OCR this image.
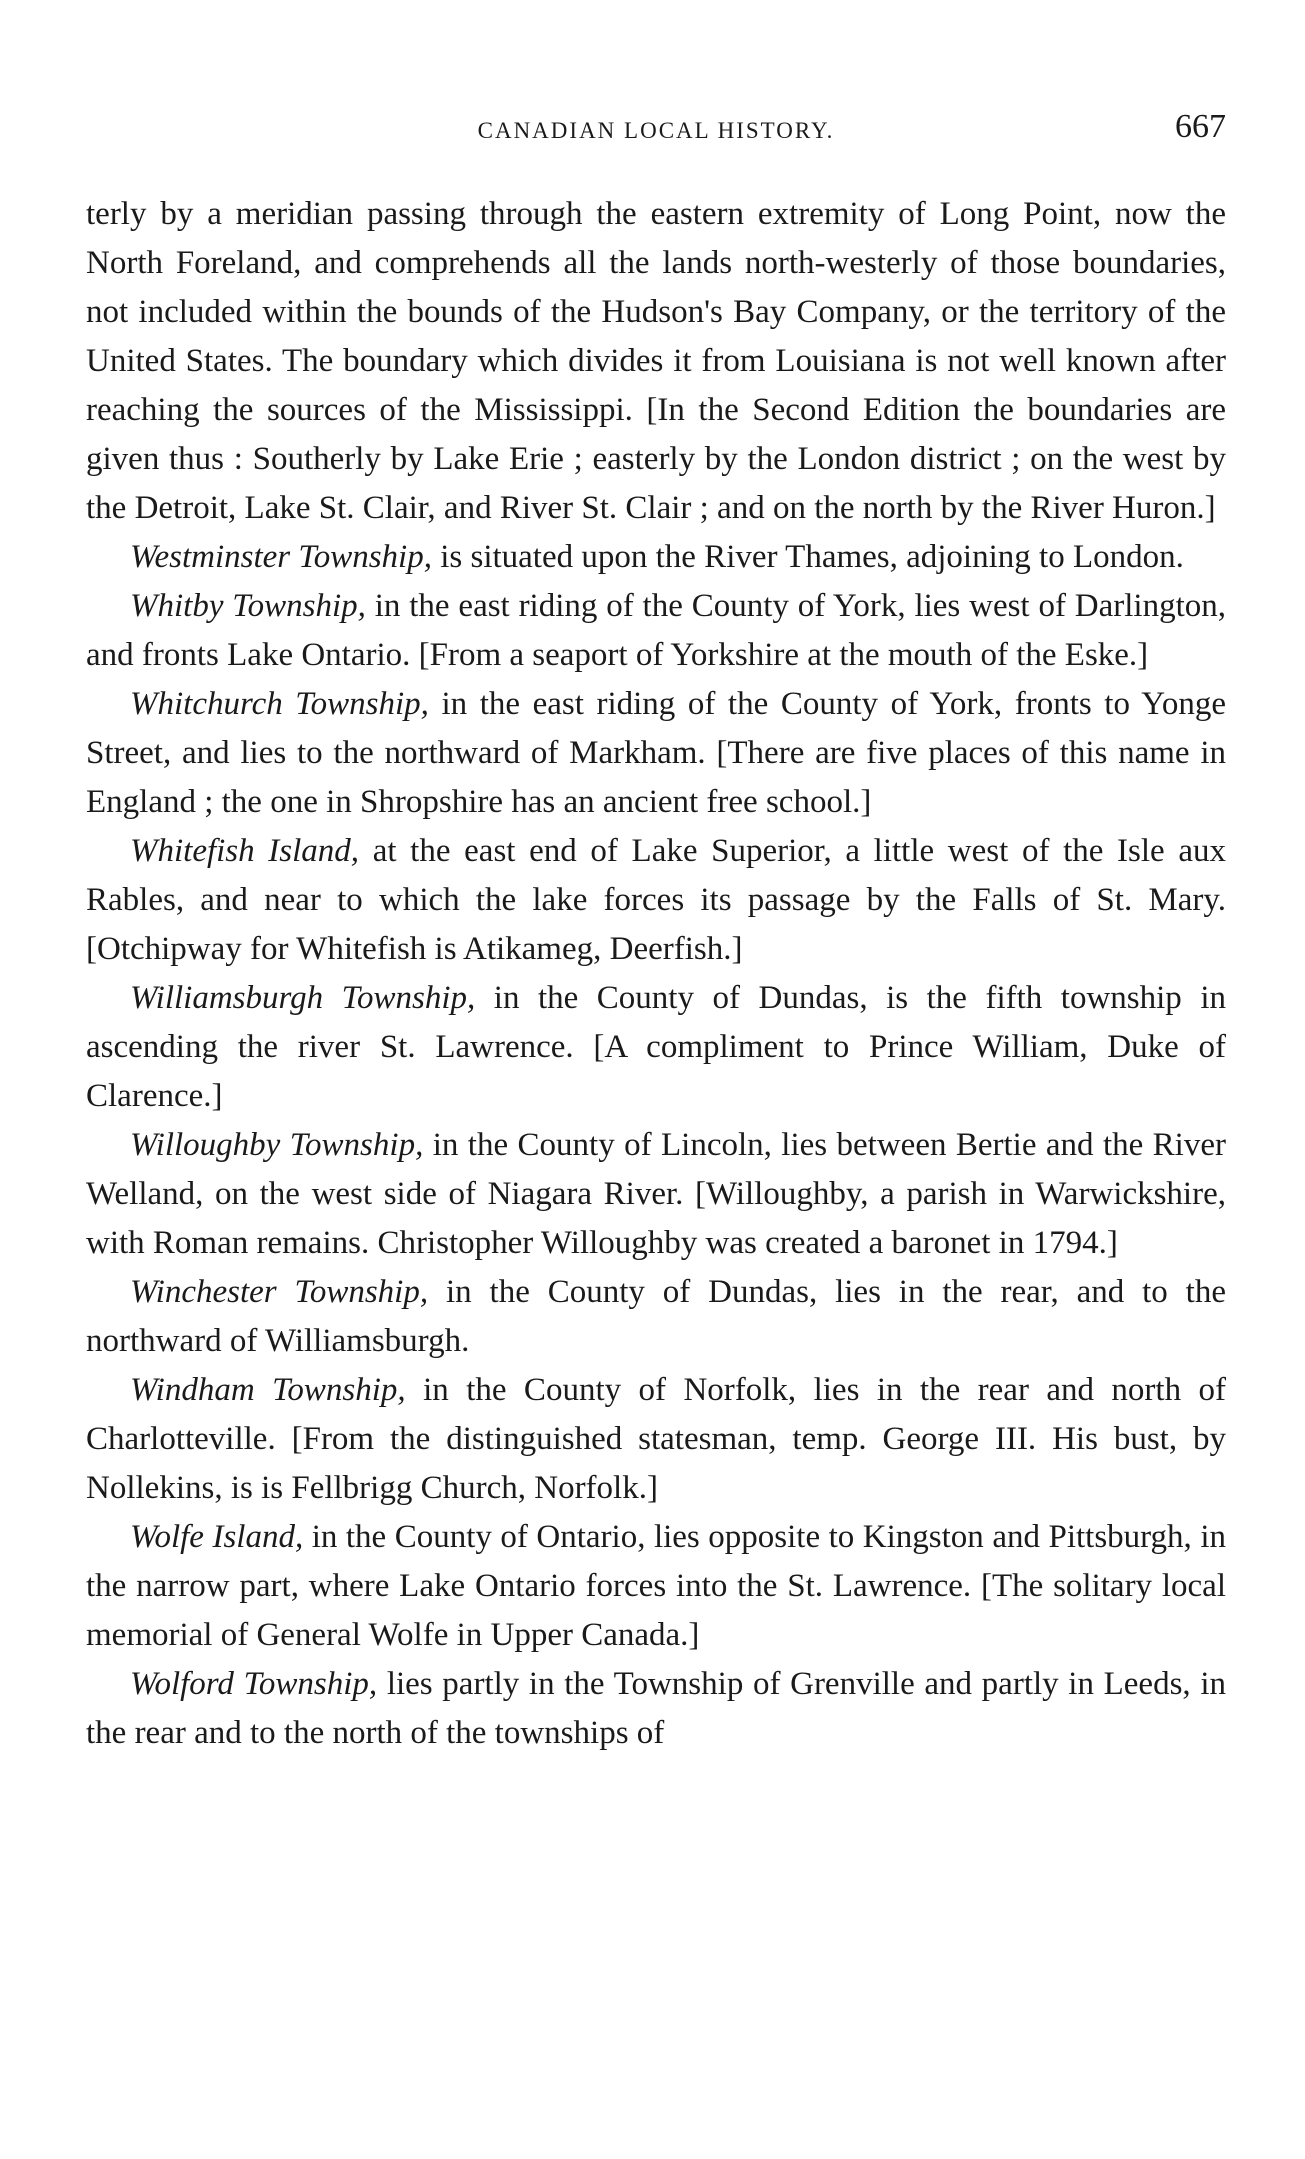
CANADIAN LOCAL HISTORY.	667

terly by a meridian passing through the eastern extremity of Long Point, now the North Foreland, and comprehends all the lands north-westerly of those boundaries, not included within the bounds of the Hudson's Bay Company, or the territory of the United States. The boundary which divides it from Louisiana is not well known after reaching the sources of the Mississippi. [In the Second Edition the boundaries are given thus : Southerly by Lake Erie ; easterly by the London district ; on the west by the Detroit, Lake St. Clair, and River St. Clair ; and on the north by the River Huron.]

Westminster Township, is situated upon the River Thames, adjoining to London.

Whitby Township, in the east riding of the County of York, lies west of Darlington, and fronts Lake Ontario. [From a seaport of Yorkshire at the mouth of the Eske.]

Whitchurch Township, in the east riding of the County of York, fronts to Yonge Street, and lies to the northward of Markham. [There are five places of this name in England ; the one in Shropshire has an ancient free school.]

Whitefish Island, at the east end of Lake Superior, a little west of the Isle aux Rables, and near to which the lake forces its passage by the Falls of St. Mary. [Otchipway for Whitefish is Atikameg, Deerfish.]

Williamsburgh Township, in the County of Dundas, is the fifth township in ascending the river St. Lawrence. [A compliment to Prince William, Duke of Clarence.]

Willoughby Township, in the County of Lincoln, lies between Bertie and the River Welland, on the west side of Niagara River. [Willoughby, a parish in Warwickshire, with Roman remains. Christopher Willoughby was created a baronet in 1794.]

Winchester Township, in the County of Dundas, lies in the rear, and to the northward of Williamsburgh.

Windham Township, in the County of Norfolk, lies in the rear and north of Charlotteville. [From the distinguished statesman, temp. George III. His bust, by Nollekins, is is Fellbrigg Church, Norfolk.]

Wolfe Island, in the County of Ontario, lies opposite to Kingston and Pittsburgh, in the narrow part, where Lake Ontario forces into the St. Lawrence. [The solitary local memorial of General Wolfe in Upper Canada.]

Wolford Township, lies partly in the Township of Grenville and partly in Leeds, in the rear and to the north of the townships of
